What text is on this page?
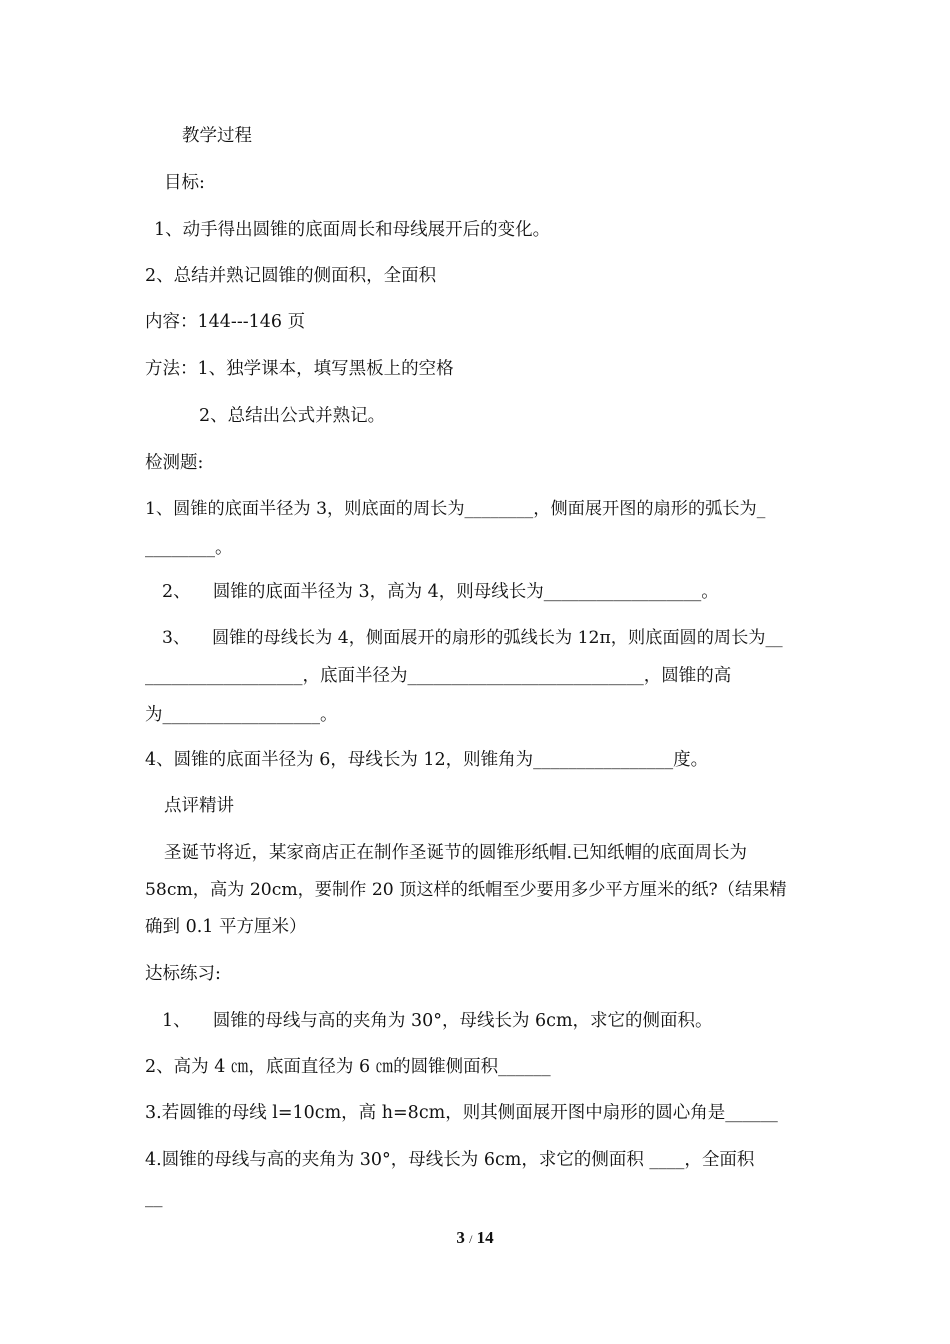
教学过程
目标:
1、动手得出圆锥的底面周长和母线展开后的变化。
2、总结并熟记圆锥的侧面积，全面积
内容：144---146 页
方法：1、独学课本，填写黑板上的空格
2、总结出公式并熟记。
检测题:
1、圆锥的底面半径为 3，则底面的周长为________，侧面展开图的扇形的弧长为_
________。
2、    圆锥的底面半径为 3，高为 4，则母线长为__________________。
3、    圆锥的母线长为 4，侧面展开的扇形的弧线长为 12π，则底面圆的周长为__
__________________，底面半径为___________________________，圆锥的高
为__________________。
4、圆锥的底面半径为 6，母线长为 12，则锥角为________________度。
点评精讲
圣诞节将近，某家商店正在制作圣诞节的圆锥形纸帽.已知纸帽的底面周长为
58cm，高为 20cm，要制作 20 顶这样的纸帽至少要用多少平方厘米的纸?（结果精
确到 0.1 平方厘米）
达标练习:
1、    圆锥的母线与高的夹角为 30°，母线长为 6cm，求它的侧面积。
2、高为 4 ㎝，底面直径为 6 ㎝的圆锥侧面积______
3.若圆锥的母线 l=10cm，高 h=8cm，则其侧面展开图中扇形的圆心角是______
4.圆锥的母线与高的夹角为 30°，母线长为 6cm，求它的侧面积 ____，全面积
__
3 / 14
